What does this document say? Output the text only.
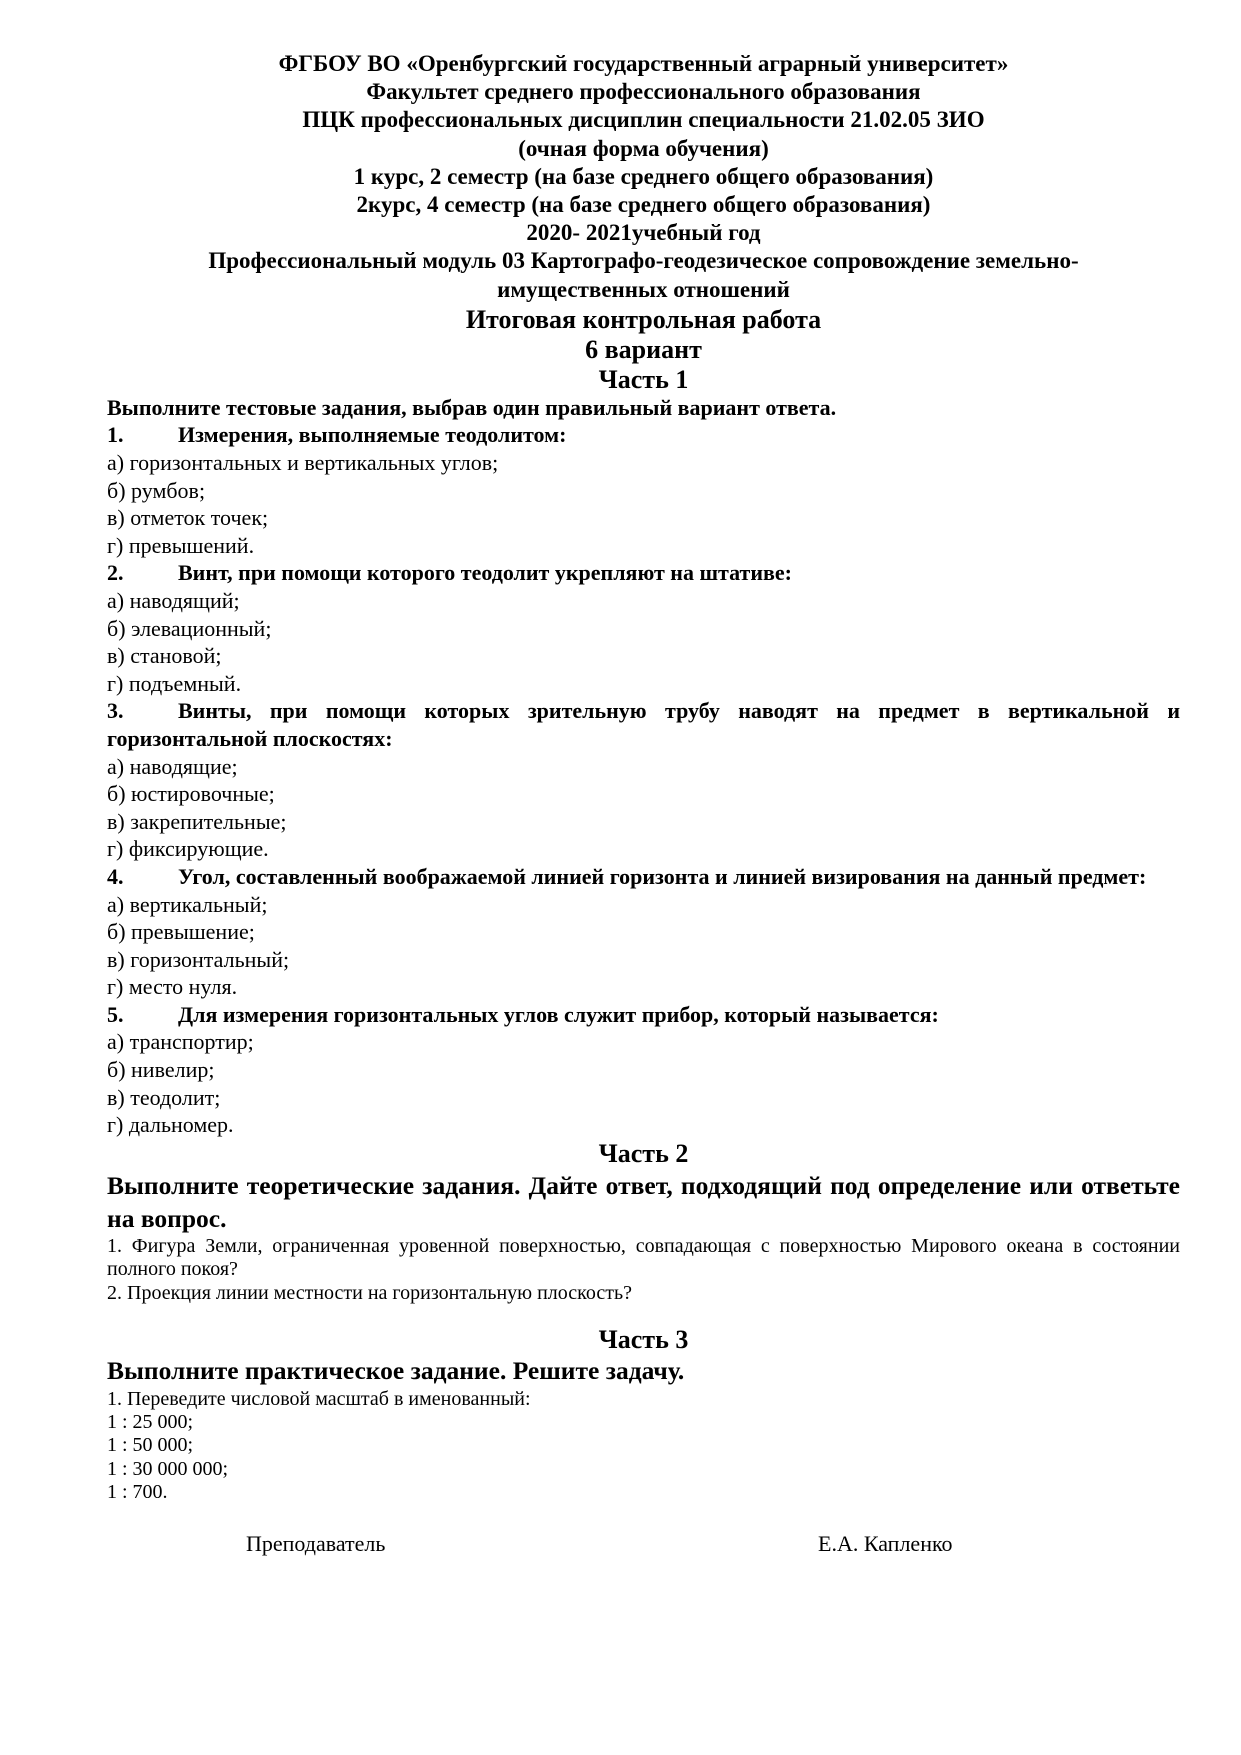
ФГБОУ ВО «Оренбургский государственный аграрный университет»
Факультет среднего профессионального образования
ПЦК профессиональных дисциплин специальности 21.02.05 ЗИО
(очная форма обучения)
1 курс, 2 семестр (на базе среднего общего образования)
2курс, 4 семестр (на базе среднего общего образования)
2020- 2021учебный год
Профессиональный модуль 03 Картографо-геодезическое сопровождение земельно-
имущественных отношений
Итоговая контрольная работа
6 вариант
Часть 1

Выполните тестовые задания, выбрав один правильный вариант ответа.

1. Измерения, выполняемые теодолитом:
а) горизонтальных и вертикальных углов;
б) румбов;
в) отметок точек;
г) превышений.
2. Винт, при помощи которого теодолит укрепляют на штативе:
а) наводящий;
б) элевационный;
в) становой;
г) подъемный.
3. Винты, при помощи которых зрительную трубу наводят на предмет в вертикальной и горизонтальной плоскостях:
а) наводящие;
б) юстировочные;
в) закрепительные;
г) фиксирующие.
4. Угол, составленный воображаемой линией горизонта и линией визирования на данный предмет:
а) вертикальный;
б) превышение;
в) горизонтальный;
г) место нуля.
5. Для измерения горизонтальных углов служит прибор, который называется:
а) транспортир;
б) нивелир;
в) теодолит;
г) дальномер.
Часть 2

Выполните теоретические задания. Дайте ответ, подходящий под определение или ответьте на вопрос.

1. Фигура Земли, ограниченная уровенной поверхностью, совпадающая с поверхностью Мирового океана в состоянии полного покоя?
2. Проекция линии местности на горизонтальную плоскость?
Часть 3

Выполните практическое задание. Решите задачу.

1. Переведите числовой масштаб в именованный:
1 : 25 000;
1 : 50 000;
1 : 30 000 000;
1 : 700.
Преподаватель	Е.А. Капленко
